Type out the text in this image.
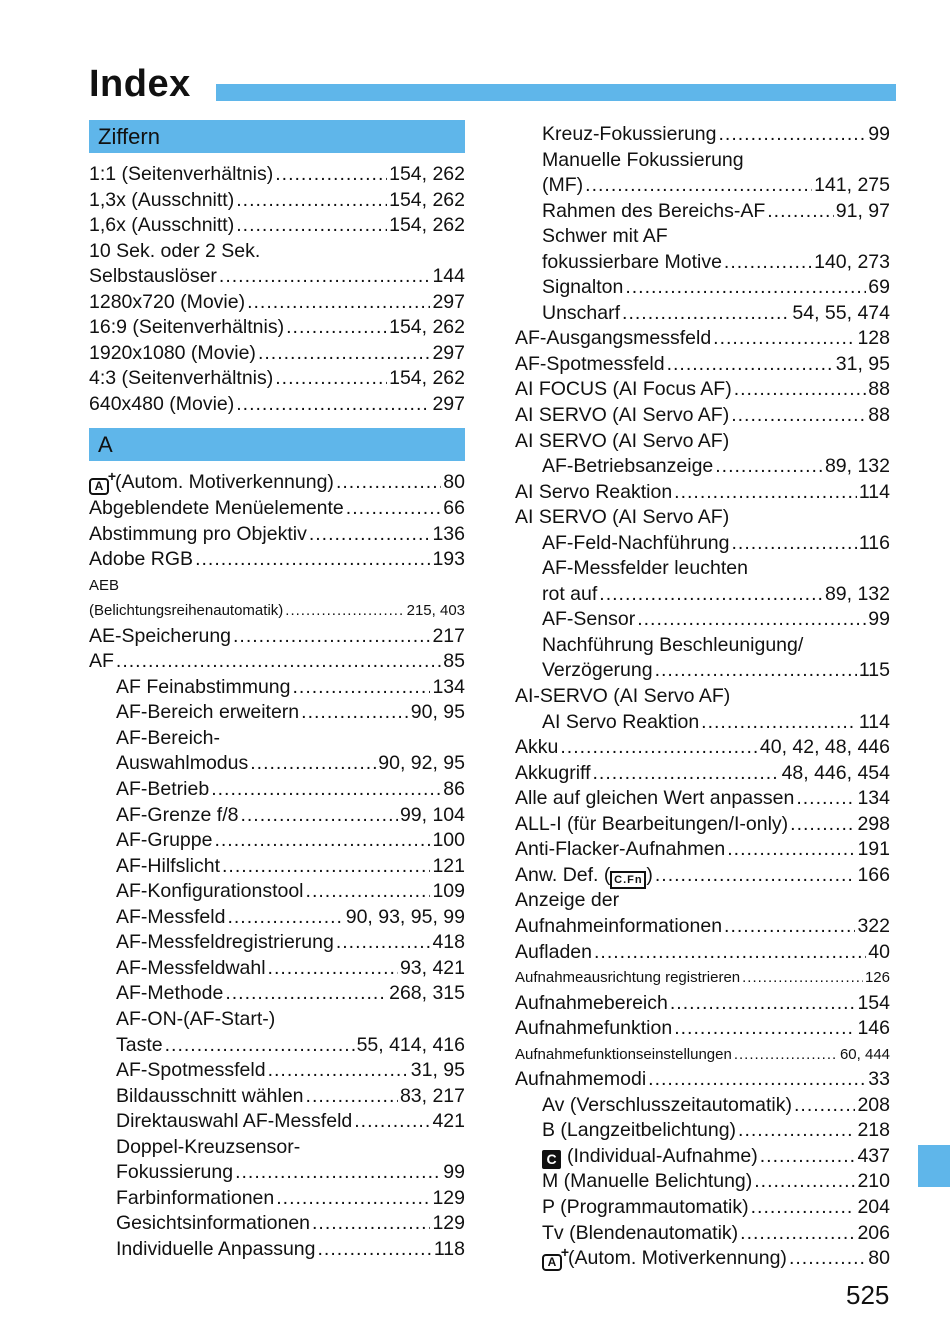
Index
Ziffern
1:1 (Seitenverhältnis) .....	154, 262
1,3x (Ausschnitt) .....	154, 262
1,6x (Ausschnitt) .....	154, 262
10 Sek. oder 2 Sek.
Selbstauslöser .....	144
1280x720 (Movie) .....	297
16:9 (Seitenverhältnis) .....	154, 262
1920x1080 (Movie) .....	297
4:3 (Seitenverhältnis) .....	154, 262
640x480 (Movie) .....	297
A
A + (Autom. Motiverkennung) .....	80
Abgeblendete Menüelemente .....	66
Abstimmung pro Objektiv .....	136
Adobe RGB .....	193
AEB
(Belichtungsreihenautomatik) .....	215, 403
AE-Speicherung .....	217
AF .....	85
AF Feinabstimmung .....	134
AF-Bereich erweitern .....	90, 95
AF-Bereich-
Auswahlmodus .....	90, 92, 95
AF-Betrieb .....	86
AF-Grenze f/8 .....	99, 104
AF-Gruppe .....	100
AF-Hilfslicht .....	121
AF-Konfigurationstool .....	109
AF-Messfeld .....	90, 93, 95, 99
AF-Messfeldregistrierung .....	418
AF-Messfeldwahl .....	93, 421
AF-Methode .....	268, 315
AF-ON-(AF-Start-)
Taste .....	55, 414, 416
AF-Spotmessfeld .....	31, 95
Bildausschnitt wählen .....	83, 217
Direktauswahl AF-Messfeld .....	421
Doppel-Kreuzsensor-
Fokussierung .....	99
Farbinformationen .....	129
Gesichtsinformationen .....	129
Individuelle Anpassung .....	118
Kreuz-Fokussierung .....	99
Manuelle Fokussierung
(MF) .....	141, 275
Rahmen des Bereichs-AF .....	91, 97
Schwer mit AF
fokussierbare Motive .....	140, 273
Signalton .....	69
Unscharf .....	54, 55, 474
AF-Ausgangsmessfeld .....	128
AF-Spotmessfeld .....	31, 95
AI FOCUS (AI Focus AF) .....	88
AI SERVO (AI Servo AF) .....	88
AI SERVO (AI Servo AF)
AF-Betriebsanzeige .....	89, 132
AI Servo Reaktion .....	114
AI SERVO (AI Servo AF)
AF-Feld-Nachführung .....	116
AF-Messfelder leuchten
rot auf .....	89, 132
AF-Sensor .....	99
Nachführung Beschleunigung/
Verzögerung .....	115
AI-SERVO (AI Servo AF)
AI Servo Reaktion .....	114
Akku .....	40, 42, 48, 446
Akkugriff .....	48, 446, 454
Alle auf gleichen Wert anpassen .....	134
ALL-I (für Bearbeitungen/I-only) .....	298
Anti-Flacker-Aufnahmen .....	191
Anw. Def. ( C.Fn ) .....	166
Anzeige der
Aufnahmeinformationen .....	322
Aufladen .....	40
Aufnahmeausrichtung registrieren .....	126
Aufnahmebereich .....	154
Aufnahmefunktion .....	146
Aufnahmefunktionseinstellungen .....	60, 444
Aufnahmemodi .....	33
Av (Verschlusszeitautomatik) .....	208
B (Langzeitbelichtung) .....	218
C (Individual-Aufnahme) .....	437
M (Manuelle Belichtung) .....	210
P (Programmautomatik) .....	204
Tv (Blendenautomatik) .....	206
A + (Autom. Motiverkennung) .....	80
525
